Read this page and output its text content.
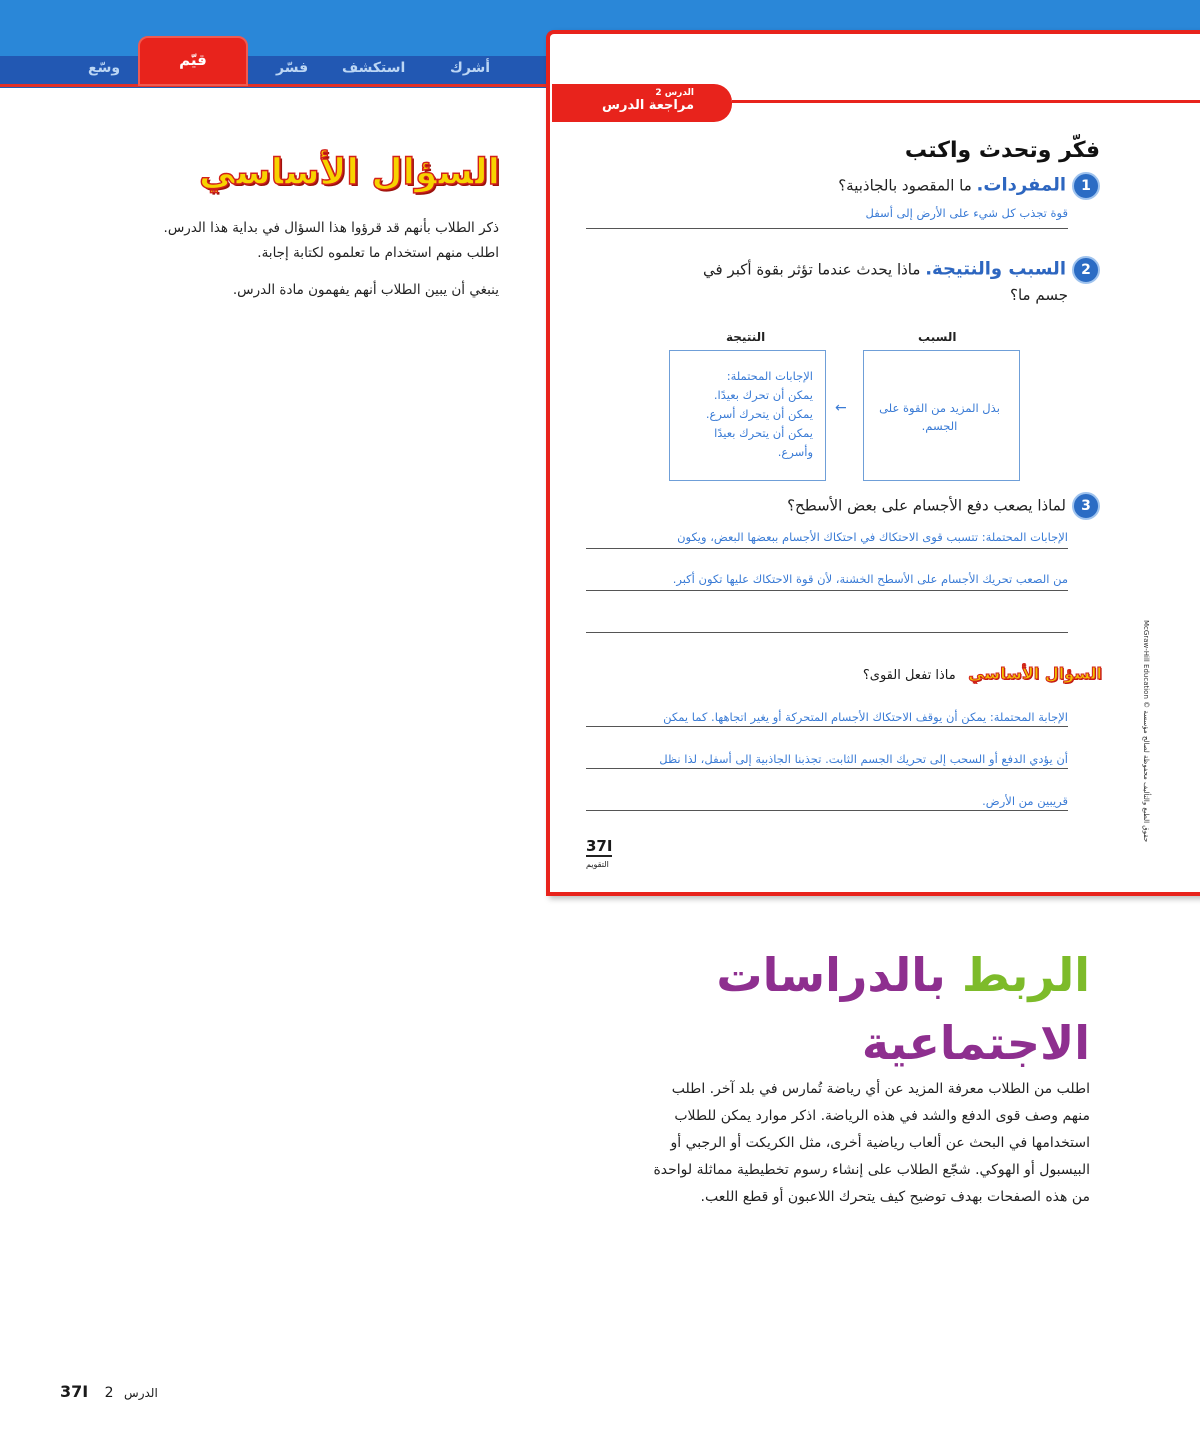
وسّع	قيّم	فسّر استكشف	أشرك
الدرس 2
مراجعة الدرس
فكّر وتحدث واكتب
1المفردات. ما المقصود بالجاذبية؟
قوة تجذب كل شيء على الأرض إلى أسفل
2السبب والنتيجة. ماذا يحدث عندما تؤثر بقوة أكبر في
جسم ما؟
السبب
النتيجة
بذل المزيد من القوة على الجسم.
←
الإجابات المحتملة:
يمكن أن تحرك بعيدًا.
يمكن أن يتحرك أسرع.
يمكن أن يتحرك بعيدًا
وأسرع.
3لماذا يصعب دفع الأجسام على بعض الأسطح؟
الإجابات المحتملة: تتسبب قوى الاحتكاك في احتكاك الأجسام ببعضها البعض، ويكون
من الصعب تحريك الأجسام على الأسطح الخشنة، لأن قوة الاحتكاك عليها تكون أكبر.
السؤال الأساسي ماذا تفعل القوى؟
الإجابة المحتملة: يمكن أن يوقف الاحتكاك الأجسام المتحركة أو يغير اتجاهها. كما يمكن
أن يؤدي الدفع أو السحب إلى تحريك الجسم الثابت. تجذبنا الجاذبية إلى أسفل، لذا نظل
قريبين من الأرض.
37I
التقويم
McGraw-Hill Education © حقوق الطبع والتأليف محفوظة لصالح مؤسسة
السؤال الأساسي
ذكر الطلاب بأنهم قد قرؤوا هذا السؤال في بداية هذا الدرس.
اطلب منهم استخدام ما تعلموه لكتابة إجابة.
ينبغي أن يبين الطلاب أنهم يفهمون مادة الدرس.
الربط بالدراسات
الاجتماعية
اطلب من الطلاب معرفة المزيد عن أي رياضة تُمارس في بلد آخر. اطلب
منهم وصف قوى الدفع والشد في هذه الرياضة. اذكر موارد يمكن للطلاب
استخدامها في البحث عن ألعاب رياضية أخرى، مثل الكريكت أو الرجبي أو
البيسبول أو الهوكي. شجّع الطلاب على إنشاء رسوم تخطيطية مماثلة لواحدة
من هذه الصفحات بهدف توضيح كيف يتحرك اللاعبون أو قطع اللعب.
37I 2 الدرس
